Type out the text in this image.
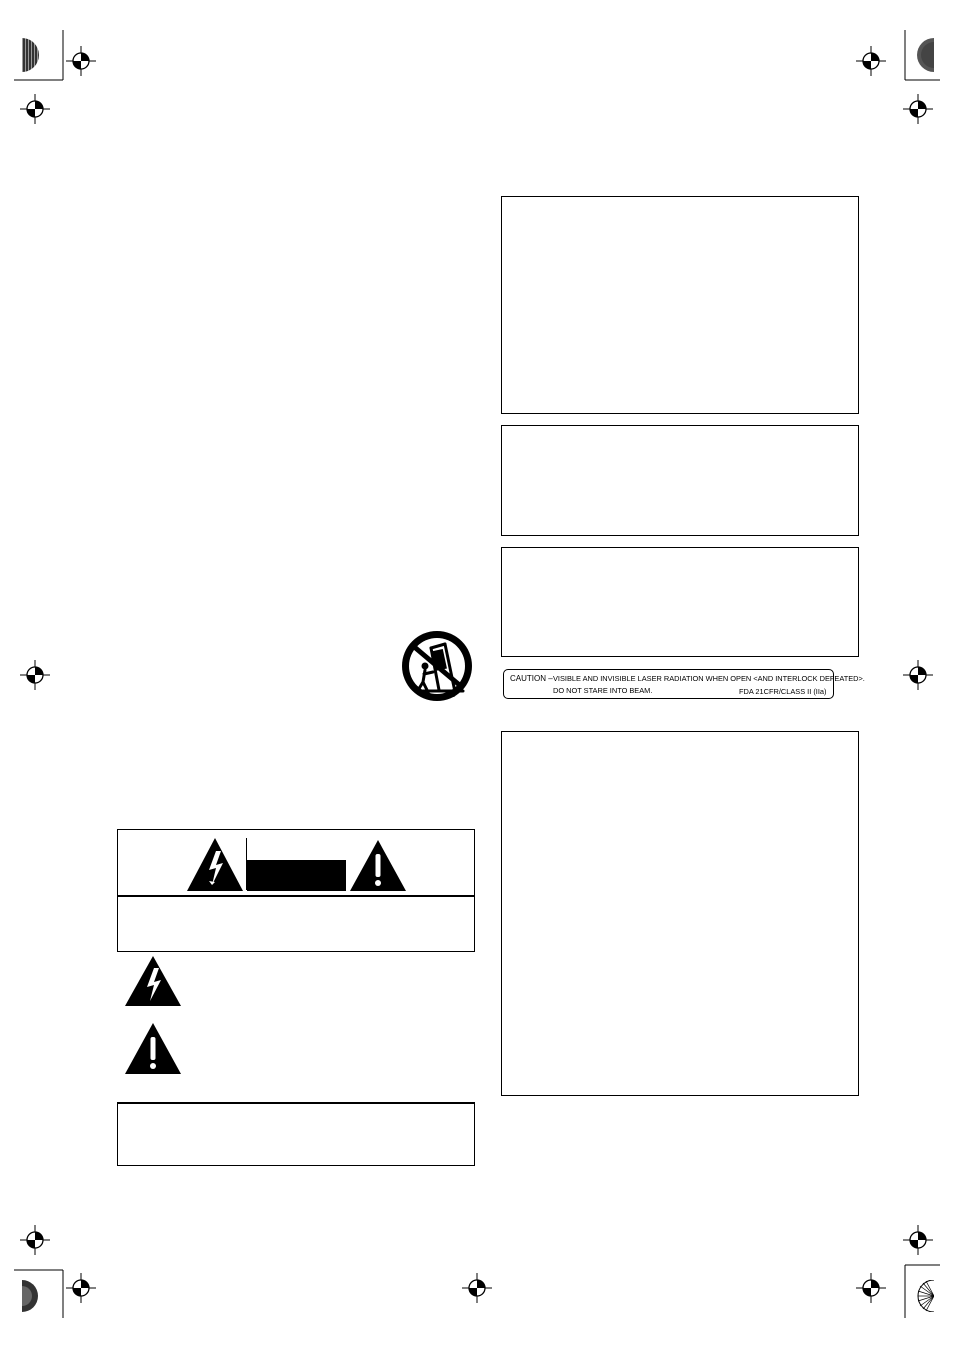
CAUTION – VISIBLE AND INVISIBLE LASER RADIATION WHEN OPEN <AND INTERLOCK DEFEATED>.
DO NOT STARE INTO BEAM.	FDA 21CFR/CLASS II (IIa)
